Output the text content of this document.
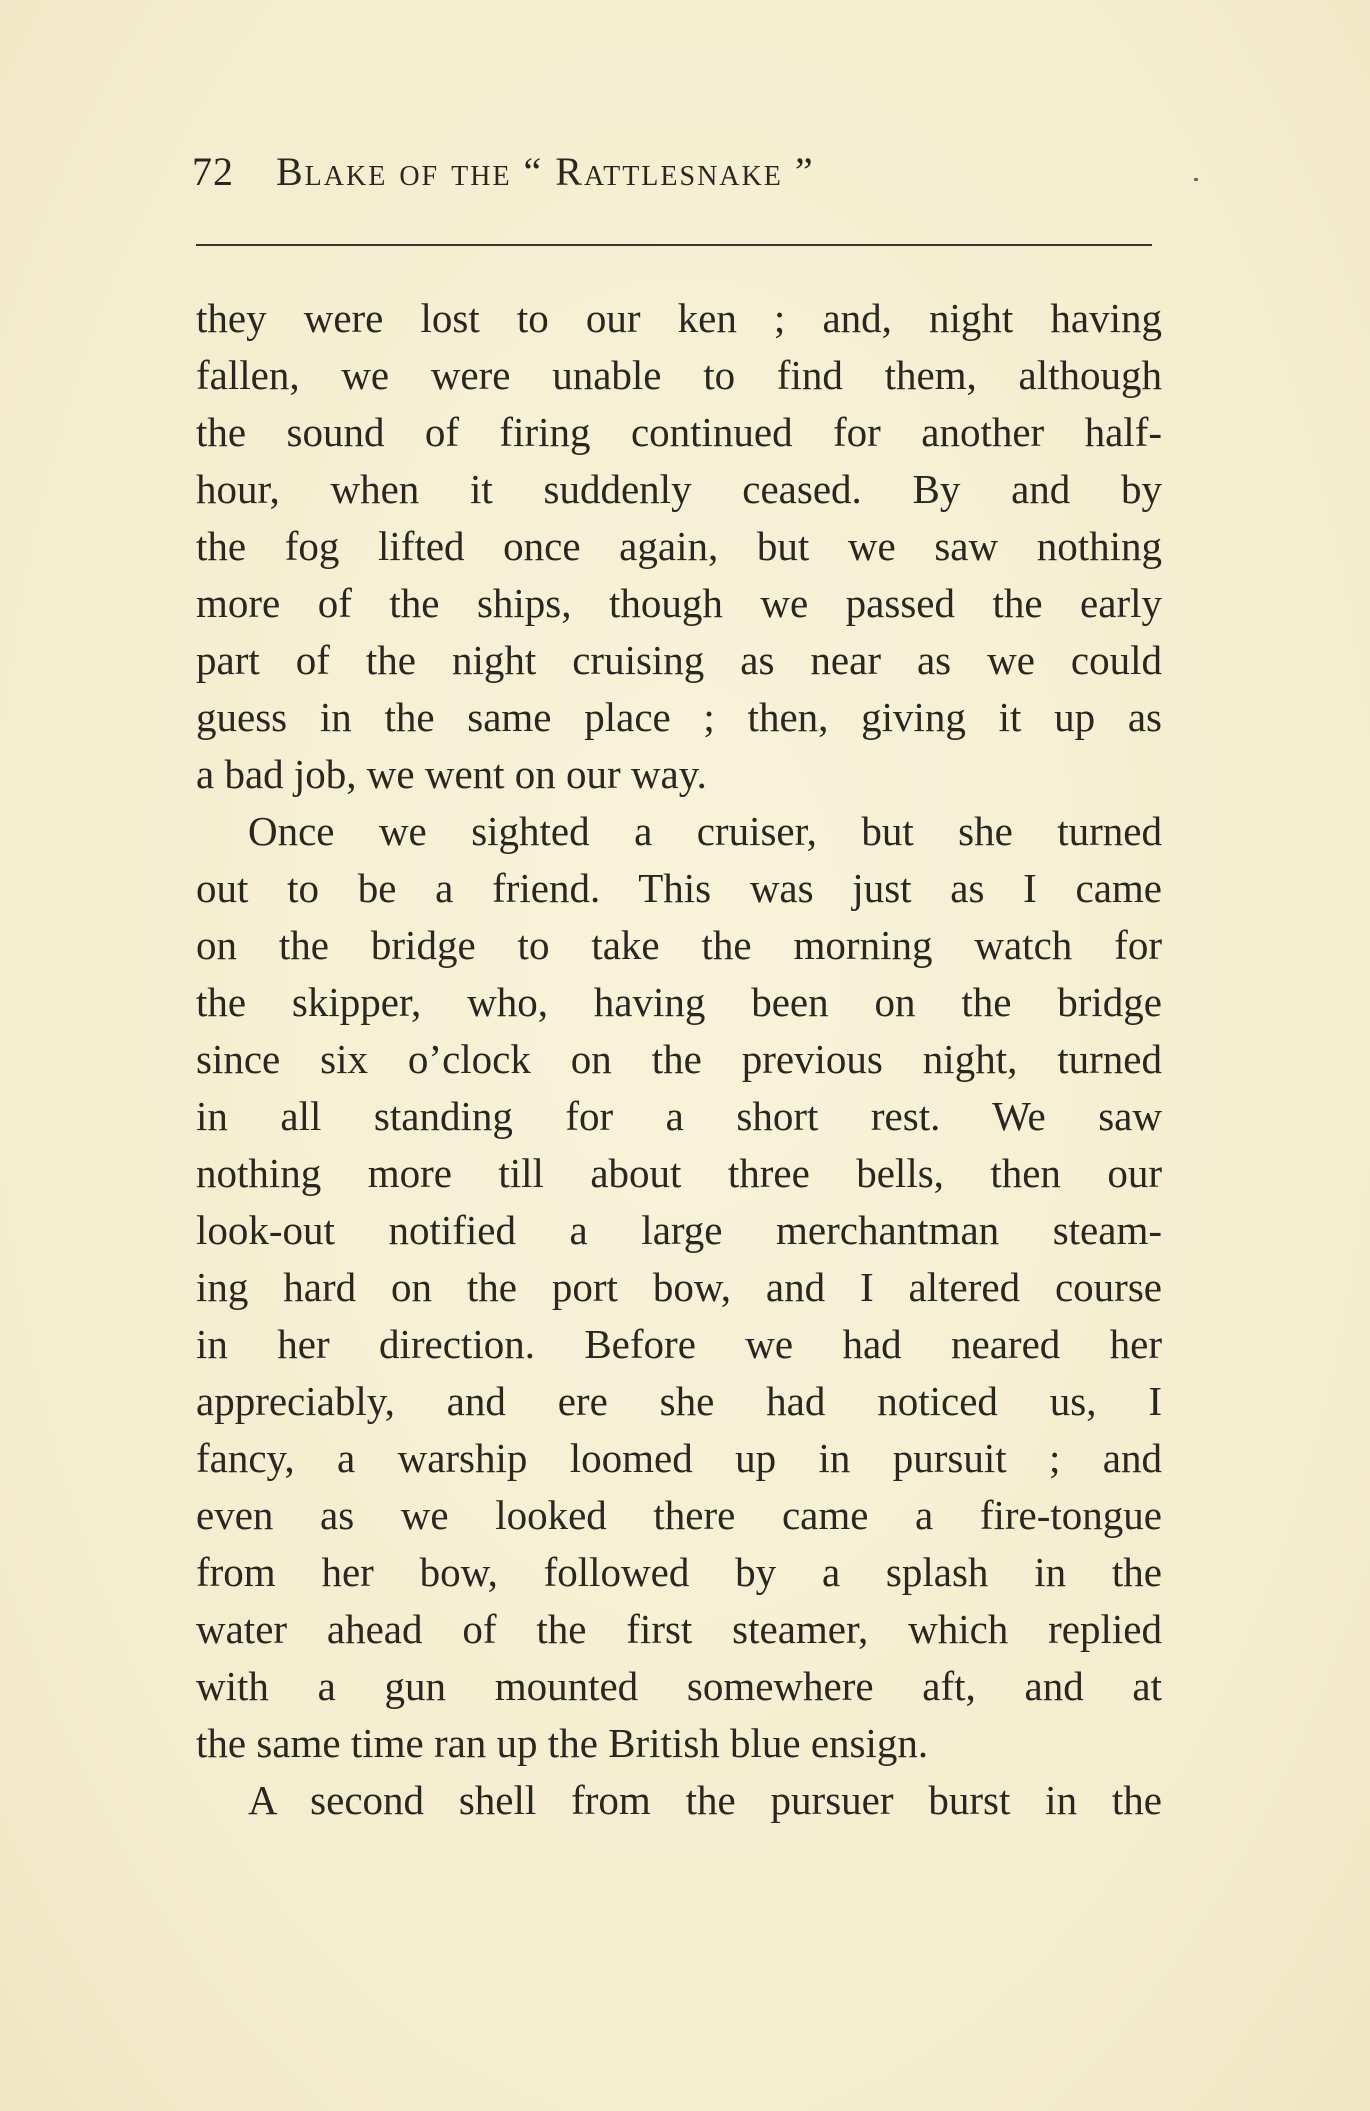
72 Blake of the “ Rattlesnake ”
they were lost to our ken ; and, night having
fallen, we were unable to find them, although
the sound of firing continued for another half-
hour, when it suddenly ceased. By and by
the fog lifted once again, but we saw nothing
more of the ships, though we passed the early
part of the night cruising as near as we could
guess in the same place ; then, giving it up as
a bad job, we went on our way.
Once we sighted a cruiser, but she turned
out to be a friend. This was just as I came
on the bridge to take the morning watch for
the skipper, who, having been on the bridge
since six o’clock on the previous night, turned
in all standing for a short rest. We saw
nothing more till about three bells, then our
look-out notified a large merchantman steam-
ing hard on the port bow, and I altered course
in her direction. Before we had neared her
appreciably, and ere she had noticed us, I
fancy, a warship loomed up in pursuit ; and
even as we looked there came a fire-tongue
from her bow, followed by a splash in the
water ahead of the first steamer, which replied
with a gun mounted somewhere aft, and at
the same time ran up the British blue ensign.
A second shell from the pursuer burst in the
